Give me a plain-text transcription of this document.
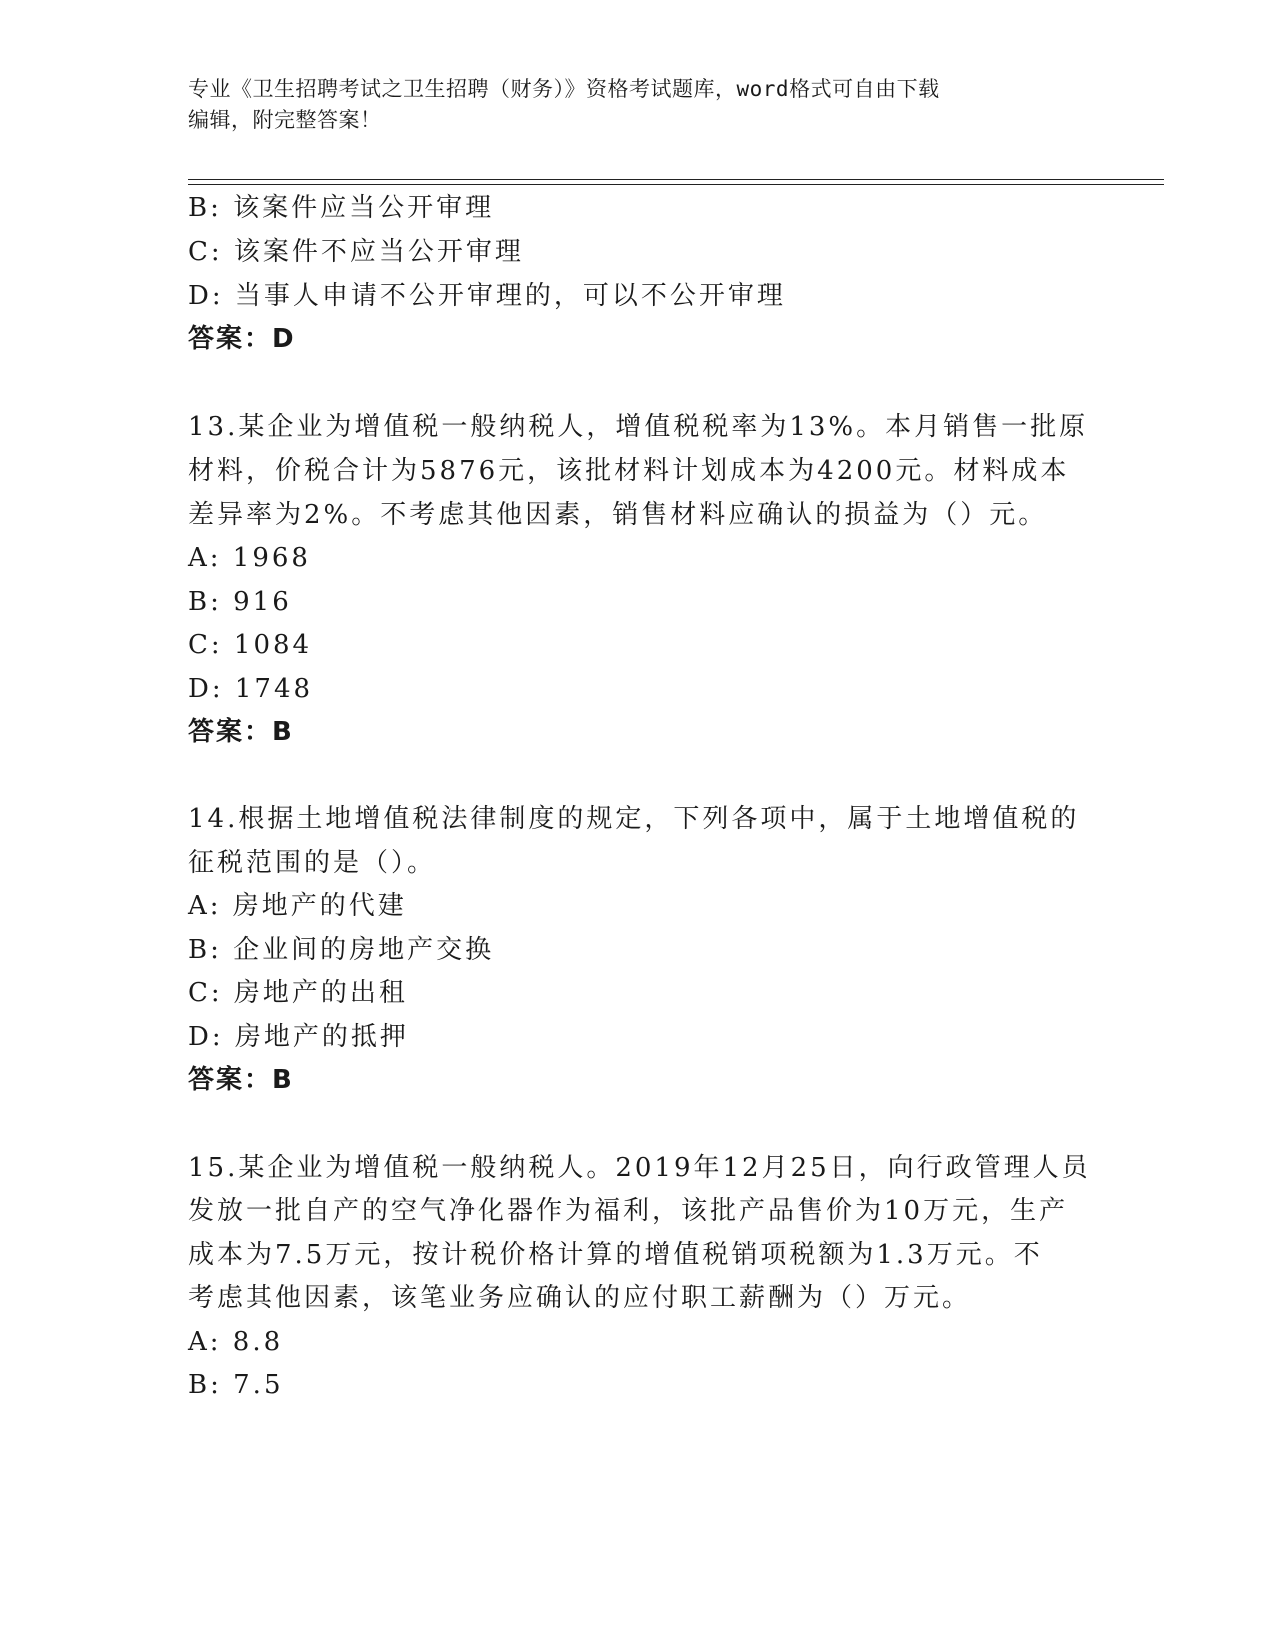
专业《卫生招聘考试之卫生招聘（财务）》资格考试题库，word格式可自由下载
编辑，附完整答案！
B: 该案件应当公开审理
C: 该案件不应当公开审理
D: 当事人申请不公开审理的，可以不公开审理
答案：D
13.某企业为增值税一般纳税人，增值税税率为13%。本月销售一批原
材料，价税合计为5876元，该批材料计划成本为4200元。材料成本
差异率为2%。不考虑其他因素，销售材料应确认的损益为（）元。
A: 1968
B: 916
C: 1084
D: 1748
答案：B
14.根据土地增值税法律制度的规定，下列各项中，属于土地增值税的
征税范围的是（）。
A: 房地产的代建
B: 企业间的房地产交换
C: 房地产的出租
D: 房地产的抵押
答案：B
15.某企业为增值税一般纳税人。2019年12月25日，向行政管理人员
发放一批自产的空气净化器作为福利，该批产品售价为10万元，生产
成本为7.5万元，按计税价格计算的增值税销项税额为1.3万元。不
考虑其他因素，该笔业务应确认的应付职工薪酬为（）万元。
A: 8.8
B: 7.5
